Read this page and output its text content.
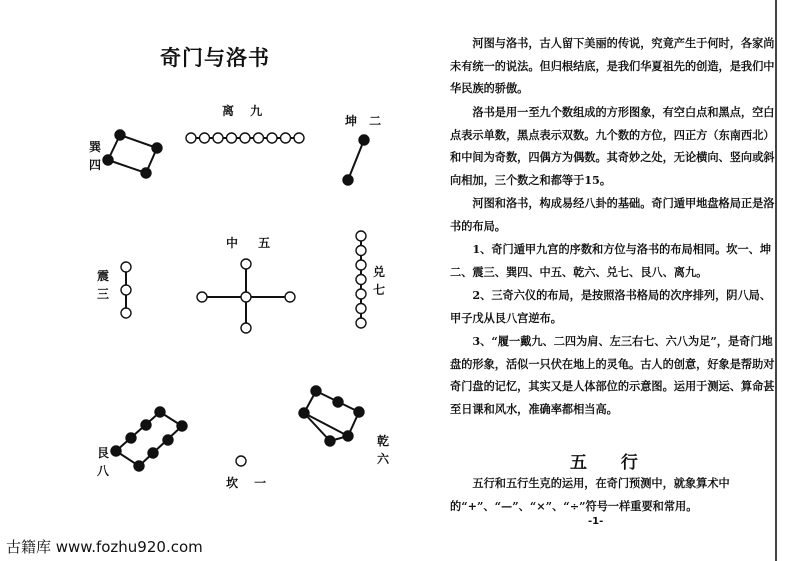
奇门与洛书
离 九
坤 二
巽四
中 五
震三
兑七
艮八
乾六
坎 一

河图与洛书，古人留下美丽的传说，究竟产生于何时，各家尚未有统一的说法。但归根结底，是我们华夏祖先的创造，是我们中华民族的骄傲。

洛书是用一至九个数组成的方形图象，有空白点和黑点，空白点表示单数，黑点表示双数。九个数的方位，四正方（东南西北）和中间为奇数，四偶方为偶数。其奇妙之处，无论横向、竖向或斜向相加，三个数之和都等于15。

河图和洛书，构成易经八卦的基础。奇门遁甲地盘格局正是洛书的布局。

1、奇门遁甲九宫的序数和方位与洛书的布局相同。坎一、坤二、震三、巽四、中五、乾六、兑七、艮八、离九。

2、三奇六仪的布局，是按照洛书格局的次序排列，阴八局、甲子戊从艮八宫逆布。

3、“履一戴九、二四为肩、左三右七、六八为足”，是奇门地盘的形象，活似一只伏在地上的灵龟。古人的创意，好象是帮助对奇门盘的记忆，其实又是人体部位的示意图。运用于测运、算命甚至日课和风水，准确率都相当高。

五 行

五行和五行生克的运用，在奇门预测中，就象算术中的“+”、“—”、“×”、“÷”符号一样重要和常用。

-1-
古籍库 www.fozhu920.com
